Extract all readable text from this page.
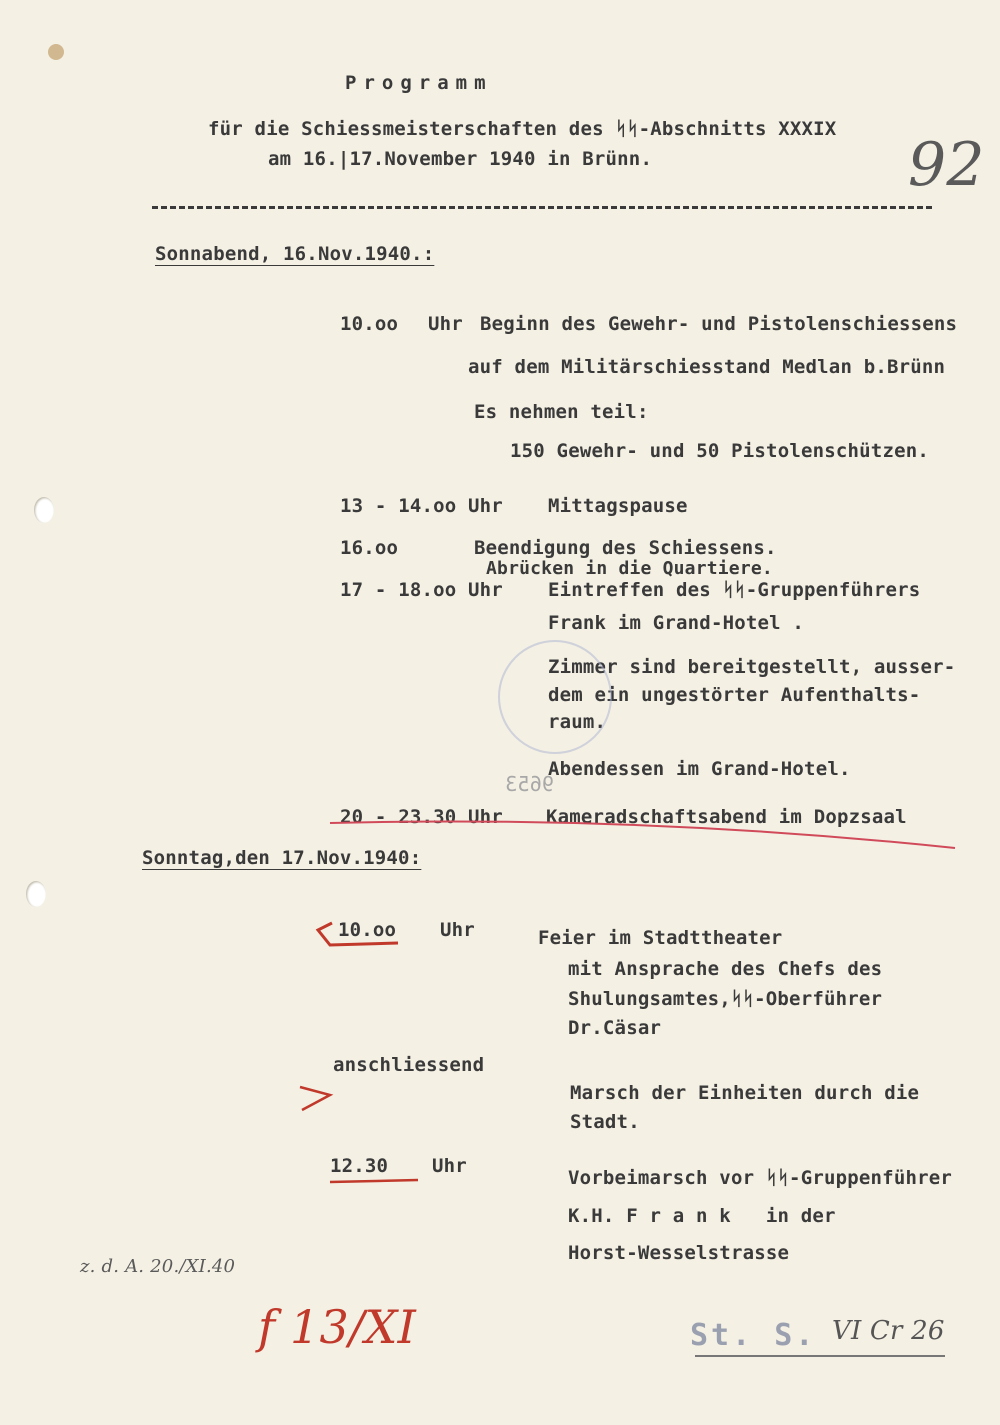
Programm
für die Schiessmeisterschaften des ᛋᛋ-Abschnitts XXXIX
am 16.|17.November 1940 in Brünn.	92
Sonnabend, 16.Nov.1940.:
10.oo Uhr Beginn des Gewehr- und Pistolenschiessens
auf dem Militärschiesstand Medlan b.Brünn
Es nehmen teil:
150 Gewehr- und 50 Pistolenschützen.
13 - 14.oo Uhr Mittagspause
16.oo	Beendigung des Schiessens.
Abrücken in die Quartiere.
17 - 18.oo Uhr Eintreffen des ᛋᛋ-Gruppenführers
Frank im Grand-Hotel .
Zimmer sind bereitgestellt, ausser-
dem ein ungestörter Aufenthalts-
raum.
Abendessen im Grand-Hotel.
9653
20 - 23.30 Uhr Kameradschaftsabend im Dopzsaal
Sonntag,den 17.Nov.1940:
10.oo Uhr	Feier im Stadttheater
mit Ansprache des Chefs des
Shulungsamtes,ᛋᛋ-Oberführer
Dr.Cäsar
anschliessend
Marsch der Einheiten durch die
Stadt.
12.30 Uhr
Vorbeimarsch vor ᛋᛋ-Gruppenführer
K.H. F r a n k   in der
Horst-Wesselstrasse
z. d. A. 20./XI.40
f 13/XI	St. S. VI Cr 26
